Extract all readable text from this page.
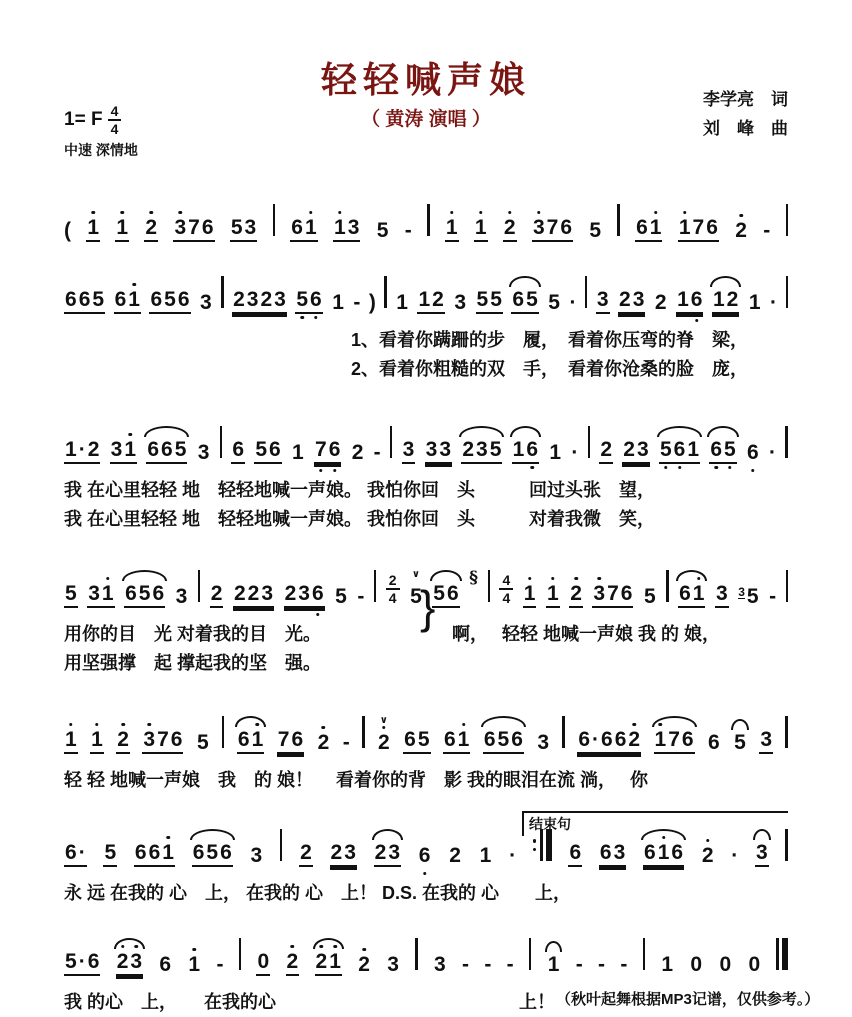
轻轻喊声娘
（ 黄涛 演唱 ）
1= F 4
4
中速 深情地
李学亮　词
刘　峰　曲
( 1 1 2 3 7 6 5 3 6 1 1 3 5 - 1 1 2 3 7 6 5 6 1 1 7 6 2 -
6 6 5 6 1 6 5 6 3 2 3 2 3 5 6 1 - ) 1 1 2 3 5 5 6 5 5 · 3 2 3 2 1 6 1 2 1 ·
1、看着你蹒跚的步　履，　看着你压弯的脊　梁，
2、看着你粗糙的双　手，　看着你沧桑的脸　庞，
1 · 2 3 1 6 6 5 3 6 5 6 1 7 6 2 - 3 3 3 2 3 5 1 6 1 · 2 2 3 5 6 1 6 5 6 ·
我 在心里轻轻 地　轻轻地喊一声娘。 我怕你回　头　　　回过头张　望，
我 在心里轻轻 地　轻轻地喊一声娘。 我怕你回　头　　　对着我微　笑，
5 3 1 6 5 6 3 2 2 2 3 2 3 6 $5 - \frac{2}{4}$ ∨
5 5 6
§ $\frac{4}{4} 1$ 1 2 3 7 6 5 6 1 3 3 5 -
用你的目　光 对着我的目　光。	啊，　 轻轻 地喊一声娘 我 的 娘，
用坚强撑　起 撑起我的坚　强。
}
1 1 2 3 7 6 5 6 1 7 6 2 -
∨
2 6 5 6 1 6 5 6 3 6 · 6 6 2 1 7 6 6 5 3
轻 轻 地喊一声娘　我　的 娘！　 看着你的背　影 我的眼泪在流 淌，　 你
结束句
6 · 5 6 6 1 6 5 6 3 2 2 3 2 3 6 2 1 ·	6 6 3 6 1 6 2 · 3
永 远 在我的 心　上， 在我的 心　上！ D.S. 在我的 心　　上，
5 · 6 2 3 6 1 - 0 2 2 1 2 3 3 - - - 1 - - - 1 0 0 0
我 的心　上，　　在我的心	上！ （秋叶起舞根据MP3记谱，仅供参考。）
